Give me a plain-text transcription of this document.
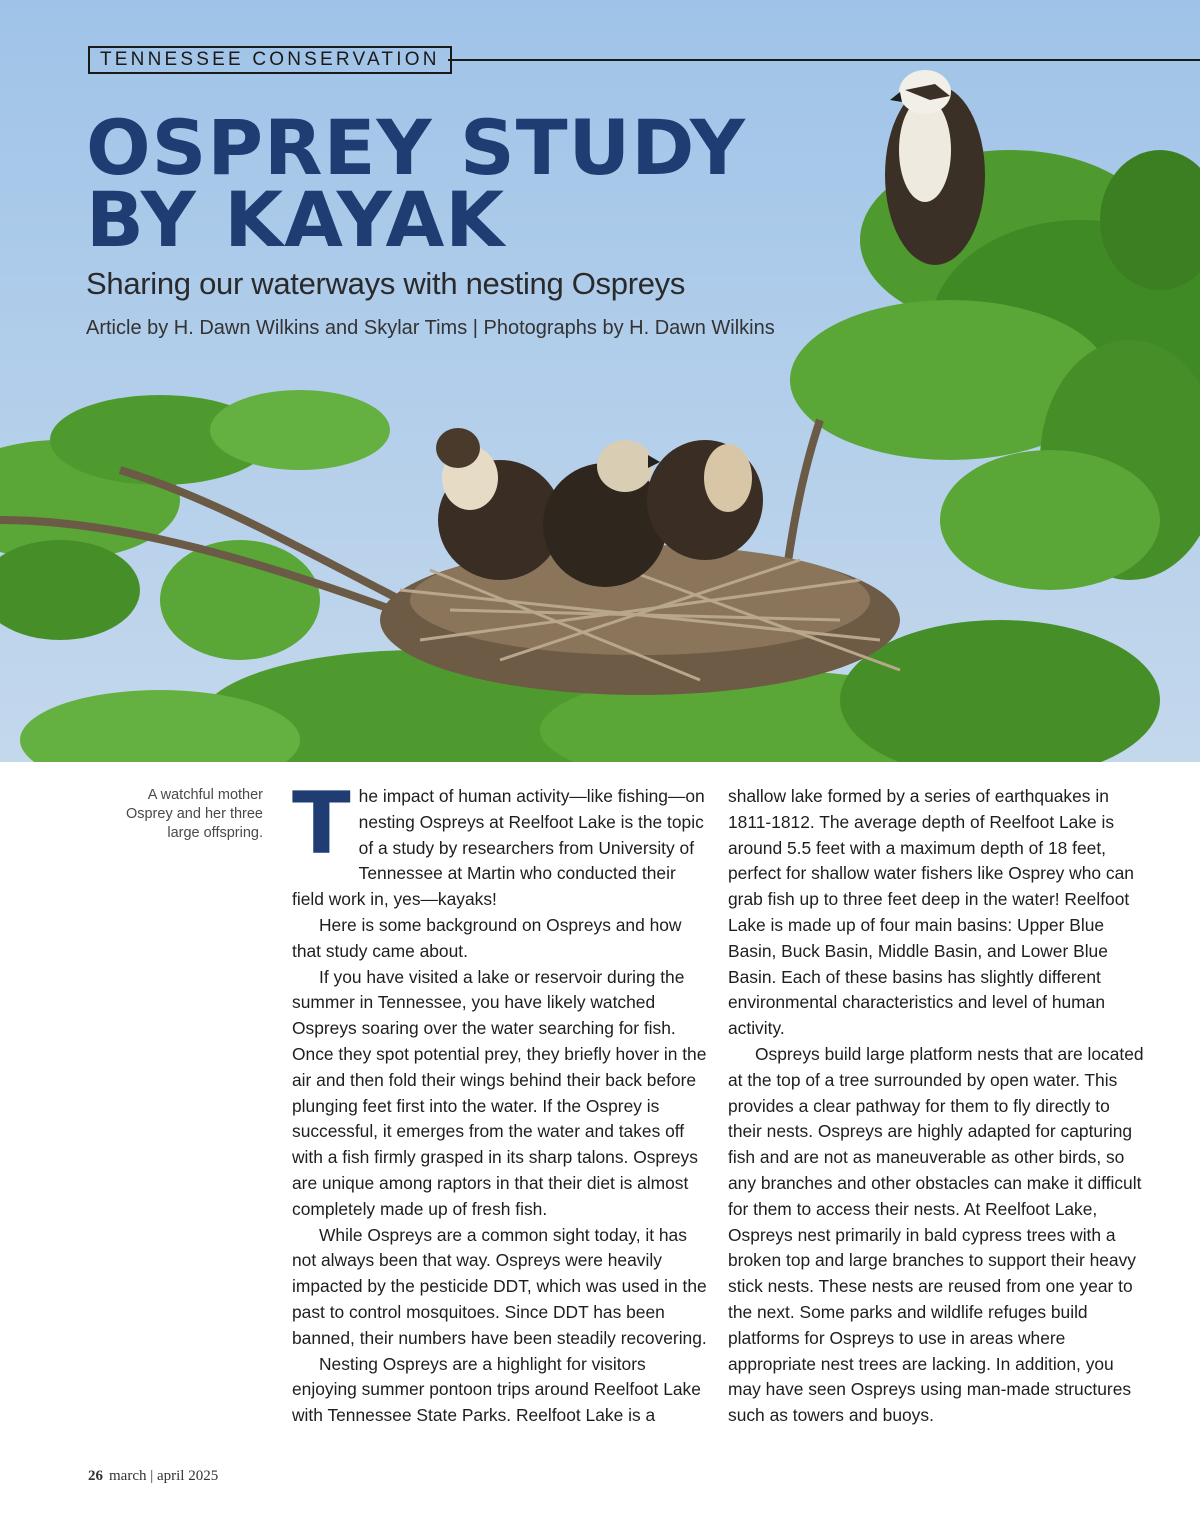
TENNESSEE CONSERVATION
OSPREY STUDY
BY KAYAK
Sharing our waterways with nesting Ospreys
Article by H. Dawn Wilkins and Skylar Tims | Photographs by H. Dawn Wilkins
A watchful mother Osprey and her three large offspring. The impact of human activity—like fishing—on nesting Ospreys at Reelfoot Lake is the topic of a study by researchers from University of Tennessee at Martin who conducted their field work in, yes—kayaks!

Here is some background on Ospreys and how that study came about.

If you have visited a lake or reservoir during the summer in Tennessee, you have likely watched Ospreys soaring over the water searching for fish. Once they spot potential prey, they briefly hover in the air and then fold their wings behind their back before plunging feet first into the water. If the Osprey is successful, it emerges from the water and takes off with a fish firmly grasped in its sharp talons. Ospreys are unique among raptors in that their diet is almost completely made up of fresh fish.

While Ospreys are a common sight today, it has not always been that way. Ospreys were heavily impacted by the pesticide DDT, which was used in the past to control mosquitoes. Since DDT has been banned, their numbers have been steadily recovering.

Nesting Ospreys are a highlight for visitors enjoying summer pontoon trips around Reelfoot Lake with Tennessee State Parks. Reelfoot Lake is a

shallow lake formed by a series of earthquakes in 1811-1812. The average depth of Reelfoot Lake is around 5.5 feet with a maximum depth of 18 feet, perfect for shallow water fishers like Osprey who can grab fish up to three feet deep in the water! Reelfoot Lake is made up of four main basins: Upper Blue Basin, Buck Basin, Middle Basin, and Lower Blue Basin. Each of these basins has slightly different environmental characteristics and level of human activity.

Ospreys build large platform nests that are located at the top of a tree surrounded by open water. This provides a clear pathway for them to fly directly to their nests. Ospreys are highly adapted for capturing fish and are not as maneuverable as other birds, so any branches and other obstacles can make it difficult for them to access their nests. At Reelfoot Lake, Ospreys nest primarily in bald cypress trees with a broken top and large branches to support their heavy stick nests. These nests are reused from one year to the next. Some parks and wildlife refuges build platforms for Ospreys to use in areas where appropriate nest trees are lacking. In addition, you may have seen Ospreys using man-made structures such as towers and buoys.

26 march | april 2025
